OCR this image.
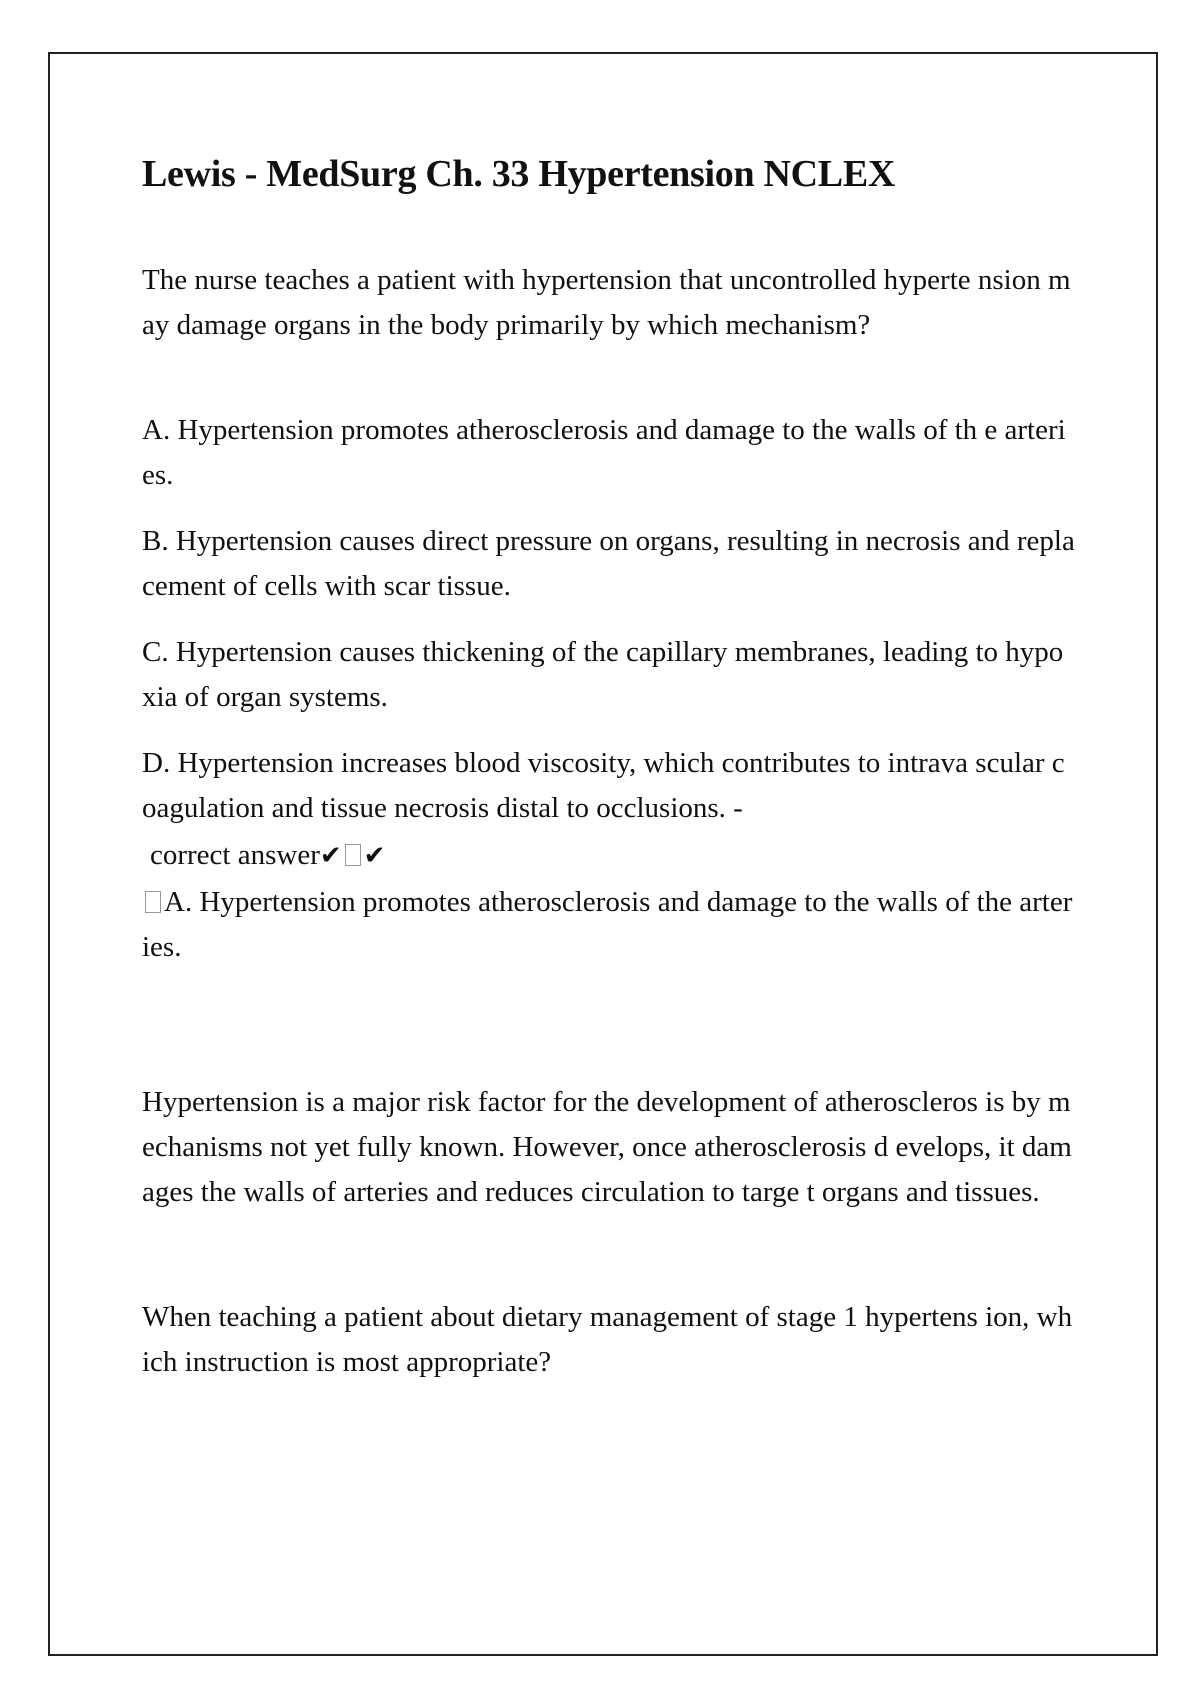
Lewis - MedSurg Ch. 33 Hypertension NCLEX

The nurse teaches a patient with hypertension that uncontrolled hyperte nsion may damage organs in the body primarily by which mechanism?

A. Hypertension promotes atherosclerosis and damage to the walls of th e arteries.

B. Hypertension causes direct pressure on organs, resulting in necrosis and replacement of cells with scar tissue.

C. Hypertension causes thickening of the capillary membranes, leading to hypoxia of organ systems.

D. Hypertension increases blood viscosity, which contributes to intrava scular coagulation and tissue necrosis distal to occlusions. -

correct answer✔ ✔

A. Hypertension promotes atherosclerosis and damage to the walls of the arteries.

Hypertension is a major risk factor for the development of atheroscleros is by mechanisms not yet fully known. However, once atherosclerosis d evelops, it damages the walls of arteries and reduces circulation to targe t organs and tissues.

When teaching a patient about dietary management of stage 1 hypertens ion, which instruction is most appropriate?
